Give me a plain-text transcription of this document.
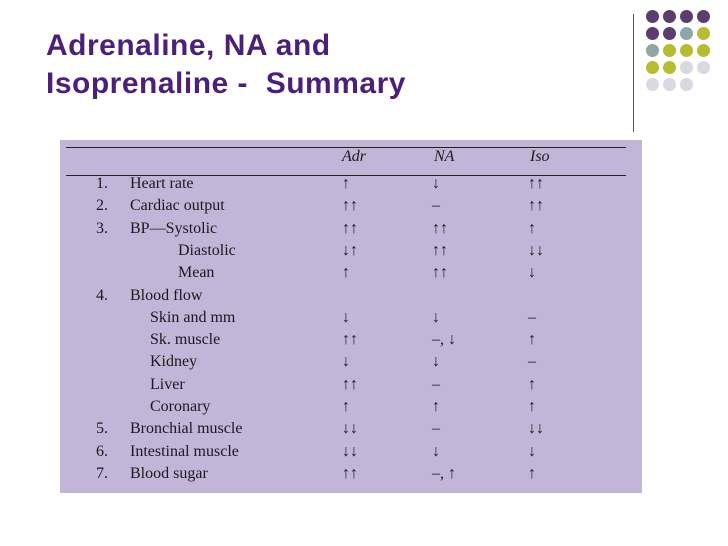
Adrenaline, NA and
Isoprenaline -  Summary
Adr	NA	Iso
1. Heart rate	↑	↓	↑↑
2. Cardiac output	↑↑	–	↑↑
3. BP—Systolic	↑↑	↑↑	↑
Diastolic	↓↑	↑↑	↓↓
Mean	↑	↑↑	↓
4. Blood flow
Skin and mm	↓	↓	–
Sk. muscle	↑↑	–, ↓	↑
Kidney	↓	↓	–
Liver	↑↑	–	↑
Coronary	↑	↑	↑
5. Bronchial muscle	↓↓	–	↓↓
6. Intestinal muscle	↓↓	↓	↓
7. Blood sugar	↑↑	–, ↑	↑
